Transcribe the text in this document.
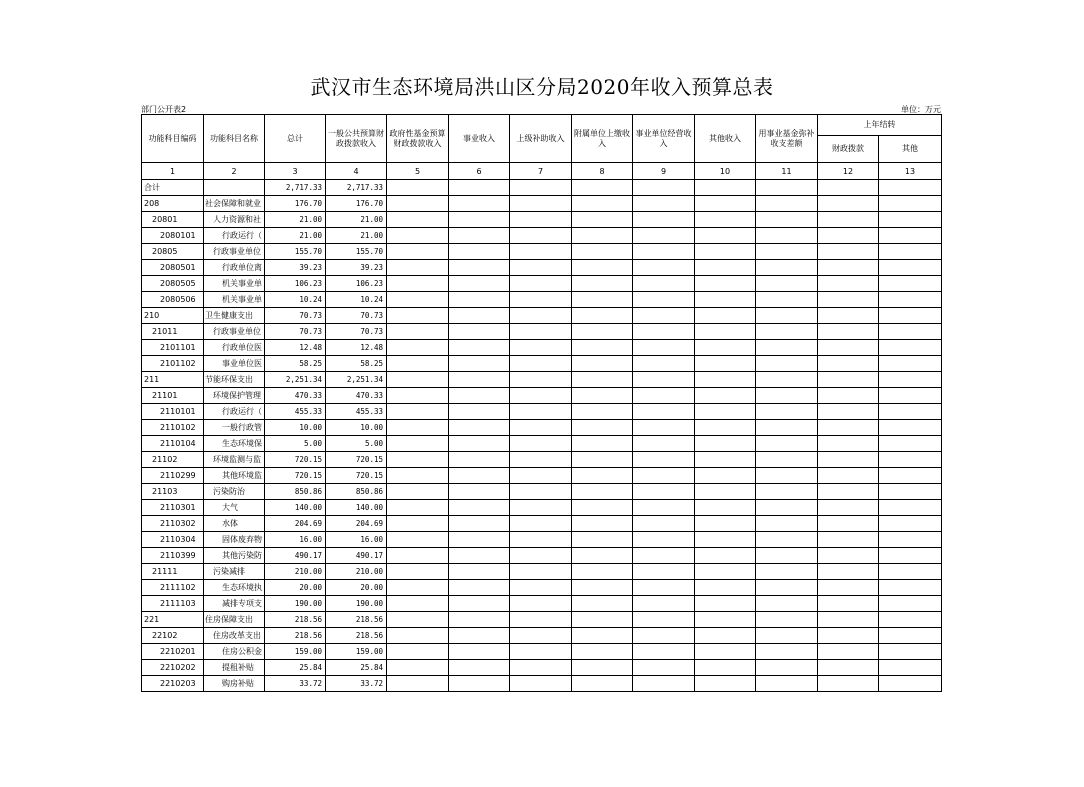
武汉市生态环境局洪山区分局2020年收入预算总表
部门公开表2	单位：万元
功能科目编码	功能科目名称	总计	一般公共预算财政拨款收入	政府性基金预算财政拨款收入	事业收入	上级补助收入	附属单位上缴收入	事业单位经营收入	其他收入	用事业基金弥补收支差额	上年结转	
											财政拨款	其他
1	2	3	4	5	6	7	8	9	10	11	12	13
合计		2,717.33	2,717.33									
208	社会保障和就业	176.70	176.70									
20801	人力资源和社	21.00	21.00									
2080101	行政运行（	21.00	21.00									
20805	行政事业单位	155.70	155.70									
2080501	行政单位离	39.23	39.23									
2080505	机关事业单	106.23	106.23									
2080506	机关事业单	10.24	10.24									
210	卫生健康支出	70.73	70.73									
21011	行政事业单位	70.73	70.73									
2101101	行政单位医	12.48	12.48									
2101102	事业单位医	58.25	58.25									
211	节能环保支出	2,251.34	2,251.34									
21101	环境保护管理	470.33	470.33									
2110101	行政运行（	455.33	455.33									
2110102	一般行政管	10.00	10.00									
2110104	生态环境保	5.00	5.00									
21102	环境监测与监	720.15	720.15									
2110299	其他环境监	720.15	720.15									
21103	污染防治	850.86	850.86									
2110301	大气	140.00	140.00									
2110302	水体	204.69	204.69									
2110304	固体废弃物	16.00	16.00									
2110399	其他污染防	490.17	490.17									
21111	污染减排	210.00	210.00									
2111102	生态环境执	20.00	20.00									
2111103	减排专项支	190.00	190.00									
221	住房保障支出	218.56	218.56									
22102	住房改革支出	218.56	218.56									
2210201	住房公积金	159.00	159.00									
2210202	提租补贴	25.84	25.84									
2210203	购房补贴	33.72	33.72									
